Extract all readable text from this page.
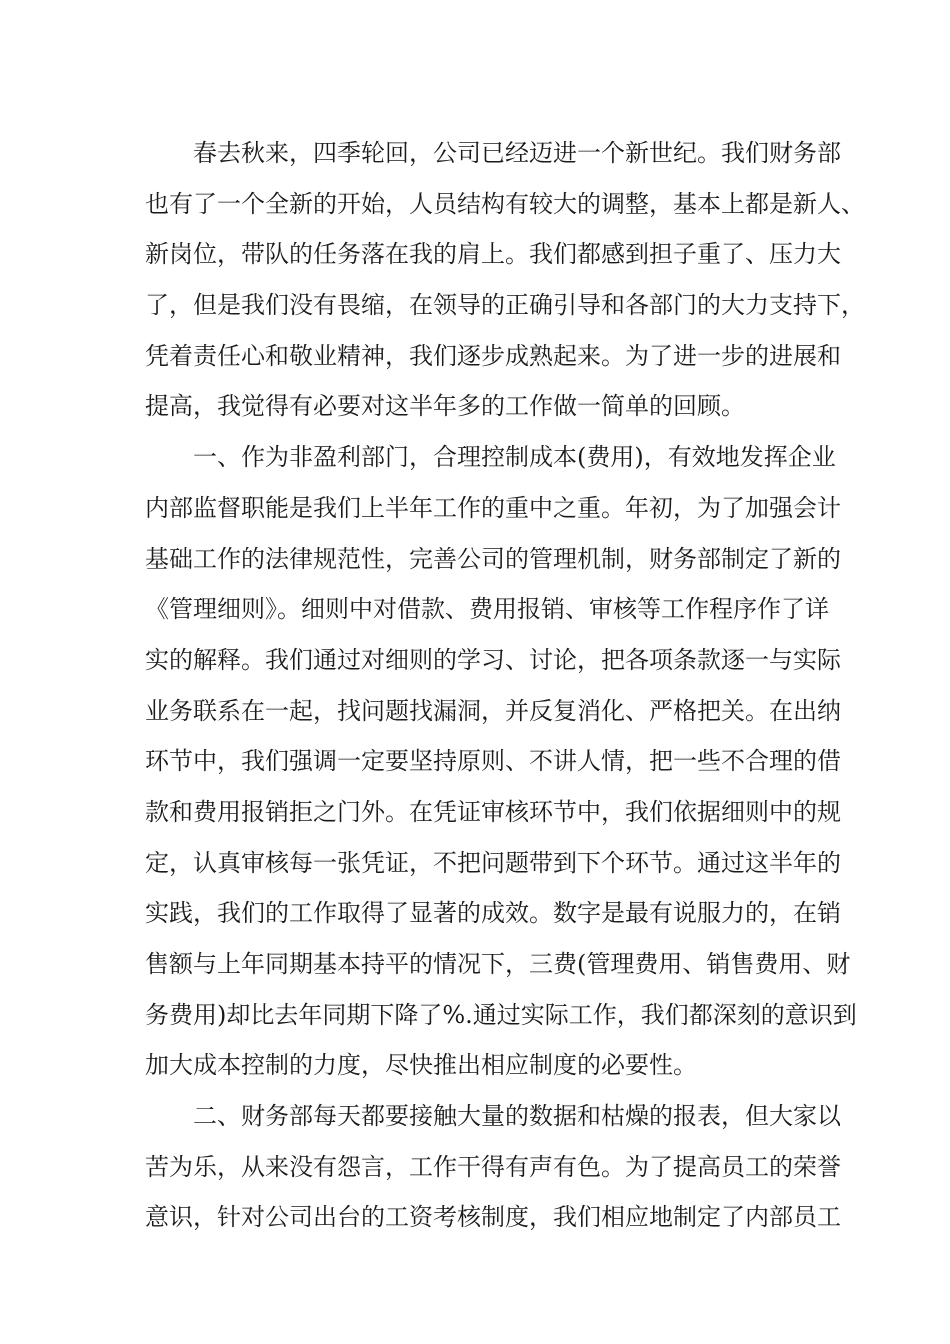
春去秋来，四季轮回，公司已经迈进一个新世纪。我们财务部
也有了一个全新的开始，人员结构有较大的调整，基本上都是新人、
新岗位，带队的任务落在我的肩上。我们都感到担子重了、压力大
了，但是我们没有畏缩，在领导的正确引导和各部门的大力支持下，
凭着责任心和敬业精神，我们逐步成熟起来。为了进一步的进展和
提高，我觉得有必要对这半年多的工作做一简单的回顾。
一、作为非盈利部门，合理控制成本(费用)，有效地发挥企业
内部监督职能是我们上半年工作的重中之重。年初，为了加强会计
基础工作的法律规范性，完善公司的管理机制，财务部制定了新的
《管理细则》。细则中对借款、费用报销、审核等工作程序作了详
实的解释。我们通过对细则的学习、讨论，把各项条款逐一与实际
业务联系在一起，找问题找漏洞，并反复消化、严格把关。在出纳
环节中，我们强调一定要坚持原则、不讲人情，把一些不合理的借
款和费用报销拒之门外。在凭证审核环节中，我们依据细则中的规
定，认真审核每一张凭证，不把问题带到下个环节。通过这半年的
实践，我们的工作取得了显著的成效。数字是最有说服力的，在销
售额与上年同期基本持平的情况下，三费(管理费用、销售费用、财
务费用)却比去年同期下降了%.通过实际工作，我们都深刻的意识到
加大成本控制的力度，尽快推出相应制度的必要性。
二、财务部每天都要接触大量的数据和枯燥的报表，但大家以
苦为乐，从来没有怨言，工作干得有声有色。为了提高员工的荣誉
意识，针对公司出台的工资考核制度，我们相应地制定了内部员工
